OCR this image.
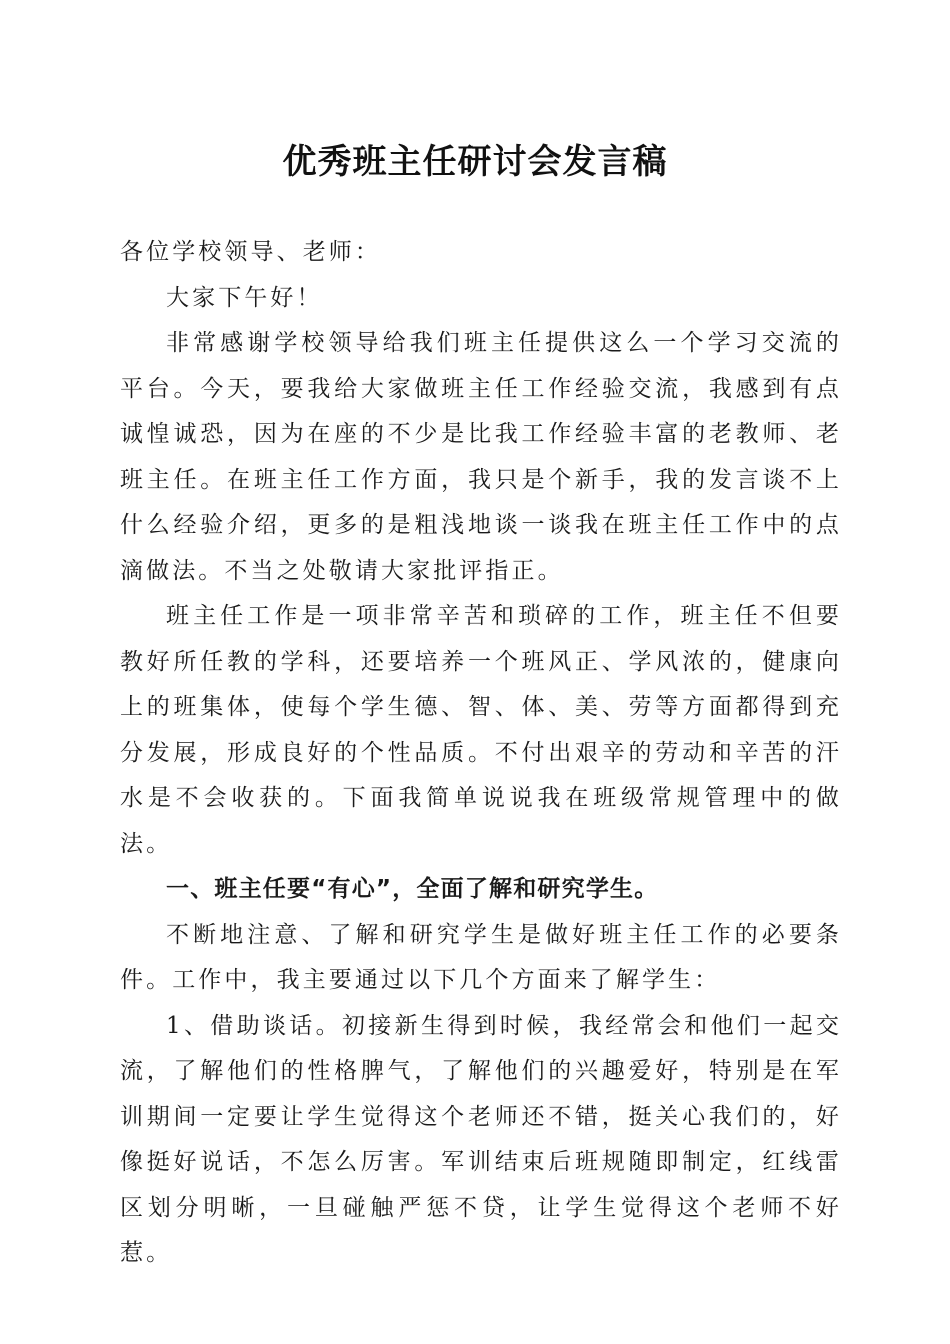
优秀班主任研讨会发言稿

各位学校领导、老师：

大家下午好！

非常感谢学校领导给我们班主任提供这么一个学习交流的平台。今天，要我给大家做班主任工作经验交流，我感到有点诚惶诚恐，因为在座的不少是比我工作经验丰富的老教师、老班主任。在班主任工作方面，我只是个新手，我的发言谈不上什么经验介绍，更多的是粗浅地谈一谈我在班主任工作中的点滴做法。不当之处敬请大家批评指正。

班主任工作是一项非常辛苦和琐碎的工作，班主任不但要教好所任教的学科，还要培养一个班风正、学风浓的，健康向上的班集体，使每个学生德、智、体、美、劳等方面都得到充分发展，形成良好的个性品质。不付出艰辛的劳动和辛苦的汗水是不会收获的。下面我简单说说我在班级常规管理中的做法。

一、班主任要“有心”，全面了解和研究学生。

不断地注意、了解和研究学生是做好班主任工作的必要条件。工作中，我主要通过以下几个方面来了解学生：

1、借助谈话。初接新生得到时候，我经常会和他们一起交流，了解他们的性格脾气，了解他们的兴趣爱好，特别是在军训期间一定要让学生觉得这个老师还不错，挺关心我们的，好像挺好说话，不怎么厉害。军训结束后班规随即制定，红线雷区划分明晰，一旦碰触严惩不贷，让学生觉得这个老师不好惹。
